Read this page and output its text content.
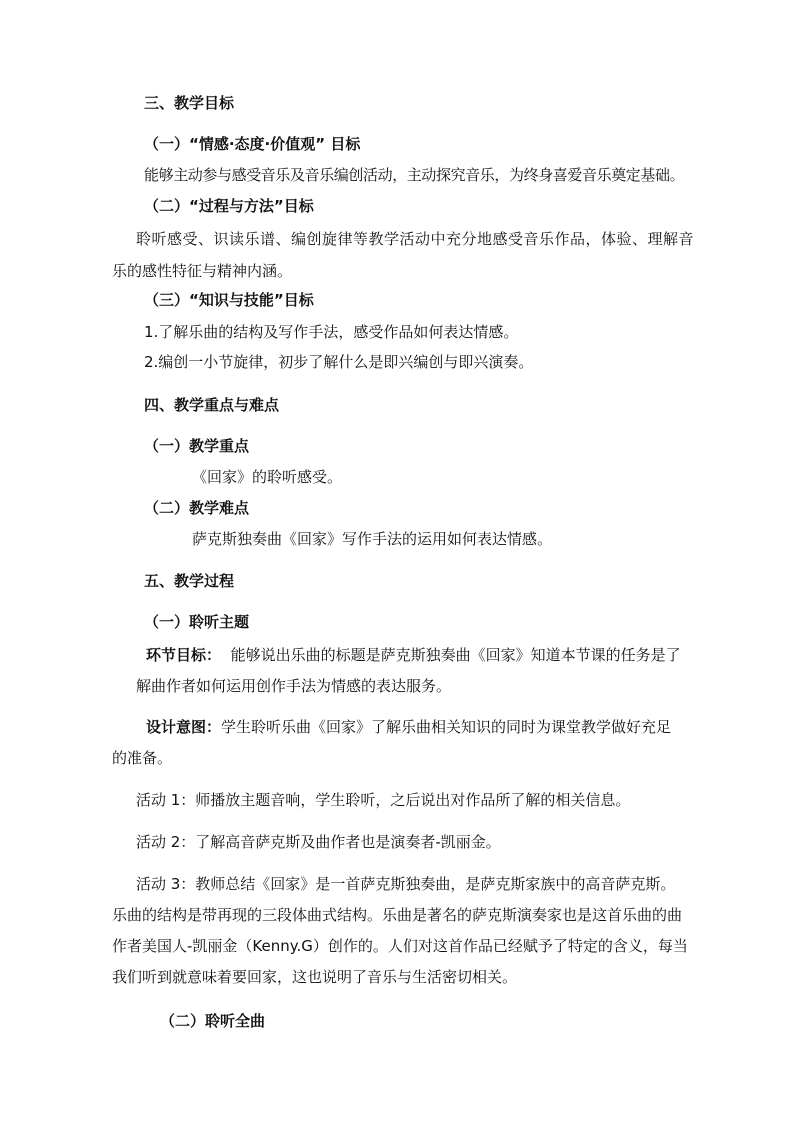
三、教学目标
（一）“情感·态度·价值观” 目标
能够主动参与感受音乐及音乐编创活动，主动探究音乐，为终身喜爱音乐奠定基础。
（二）“过程与方法”目标
聆听感受、识读乐谱、编创旋律等教学活动中充分地感受音乐作品，体验、理解音
乐的感性特征与精神内涵。
（三）“知识与技能”目标
1.了解乐曲的结构及写作手法，感受作品如何表达情感。
2.编创一小节旋律，初步了解什么是即兴编创与即兴演奏。
四、教学重点与难点
（一）教学重点
《回家》的聆听感受。
（二）教学难点
萨克斯独奏曲《回家》写作手法的运用如何表达情感。
五、教学过程
（一）聆听主题
环节目标： 能够说出乐曲的标题是萨克斯独奏曲《回家》知道本节课的任务是了
解曲作者如何运用创作手法为情感的表达服务。
设计意图：学生聆听乐曲《回家》了解乐曲相关知识的同时为课堂教学做好充足
的准备。
活动 1：师播放主题音响，学生聆听，之后说出对作品所了解的相关信息。
活动 2：了解高音萨克斯及曲作者也是演奏者-凯丽金。
活动 3：教师总结《回家》是一首萨克斯独奏曲，是萨克斯家族中的高音萨克斯。
乐曲的结构是带再现的三段体曲式结构。乐曲是著名的萨克斯演奏家也是这首乐曲的曲
作者美国人-凯丽金（Kenny.G）创作的。人们对这首作品已经赋予了特定的含义，每当
我们听到就意味着要回家，这也说明了音乐与生活密切相关。
（二）聆听全曲
